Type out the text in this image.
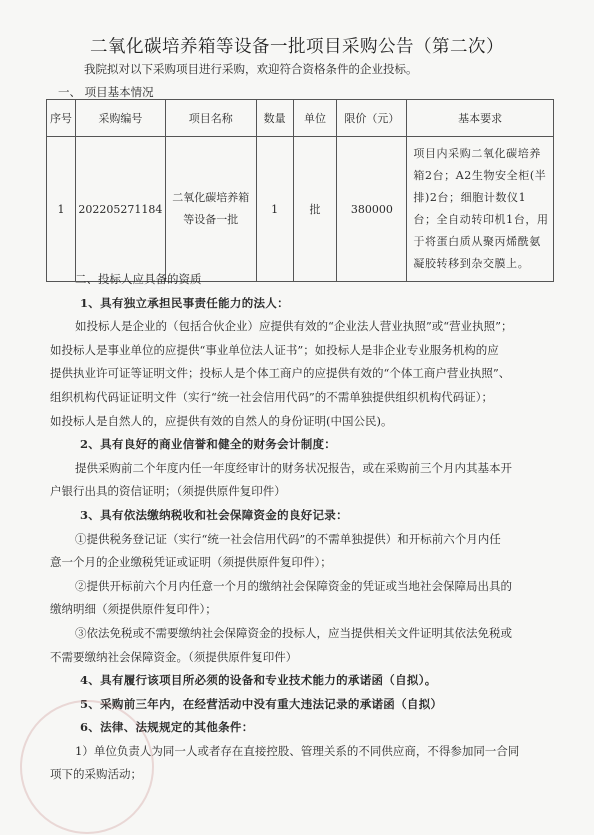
二氧化碳培养箱等设备一批项目采购公告（第二次）
我院拟对以下采购项目进行采购，欢迎符合资格条件的企业投标。
一、 项目基本情况
序号	采购编号	项目名称	数量	单位	限价（元）	基本要求
1	202205271184	二氧化碳培养箱等设备一批	1	批	380000	项目内采购二氧化碳培养箱2台；A2生物安全柜(半排)2台；细胞计数仪1台；全自动转印机1台，用于将蛋白质从聚丙烯酰氨凝胶转移到杂交膜上。

二、投标人应具备的资质

1、具有独立承担民事责任能力的法人：

如投标人是企业的（包括合伙企业）应提供有效的“企业法人营业执照”或“营业执照”；

如投标人是事业单位的应提供“事业单位法人证书”；如投标人是非企业专业服务机构的应

提供执业许可证等证明文件；投标人是个体工商户的应提供有效的“个体工商户营业执照”、

组织机构代码证证明文件（实行“统一社会信用代码”的不需单独提供组织机构代码证）；

如投标人是自然人的，应提供有效的自然人的身份证明(中国公民)。

2、具有良好的商业信誉和健全的财务会计制度：

提供采购前二个年度内任一年度经审计的财务状况报告，或在采购前三个月内其基本开

户银行出具的资信证明；（须提供原件复印件）

3、具有依法缴纳税收和社会保障资金的良好记录：

①提供税务登记证（实行“统一社会信用代码”的不需单独提供）和开标前六个月内任

意一个月的企业缴税凭证或证明（须提供原件复印件）；

②提供开标前六个月内任意一个月的缴纳社会保障资金的凭证或当地社会保障局出具的

缴纳明细（须提供原件复印件）；

③依法免税或不需要缴纳社会保障资金的投标人，应当提供相关文件证明其依法免税或

不需要缴纳社会保障资金。（须提供原件复印件）

4、具有履行该项目所必须的设备和专业技术能力的承诺函（自拟）。

5、采购前三年内，在经营活动中没有重大违法记录的承诺函（自拟）

6、法律、法规规定的其他条件：

1）单位负责人为同一人或者存在直接控股、管理关系的不同供应商，不得参加同一合同

项下的采购活动；
